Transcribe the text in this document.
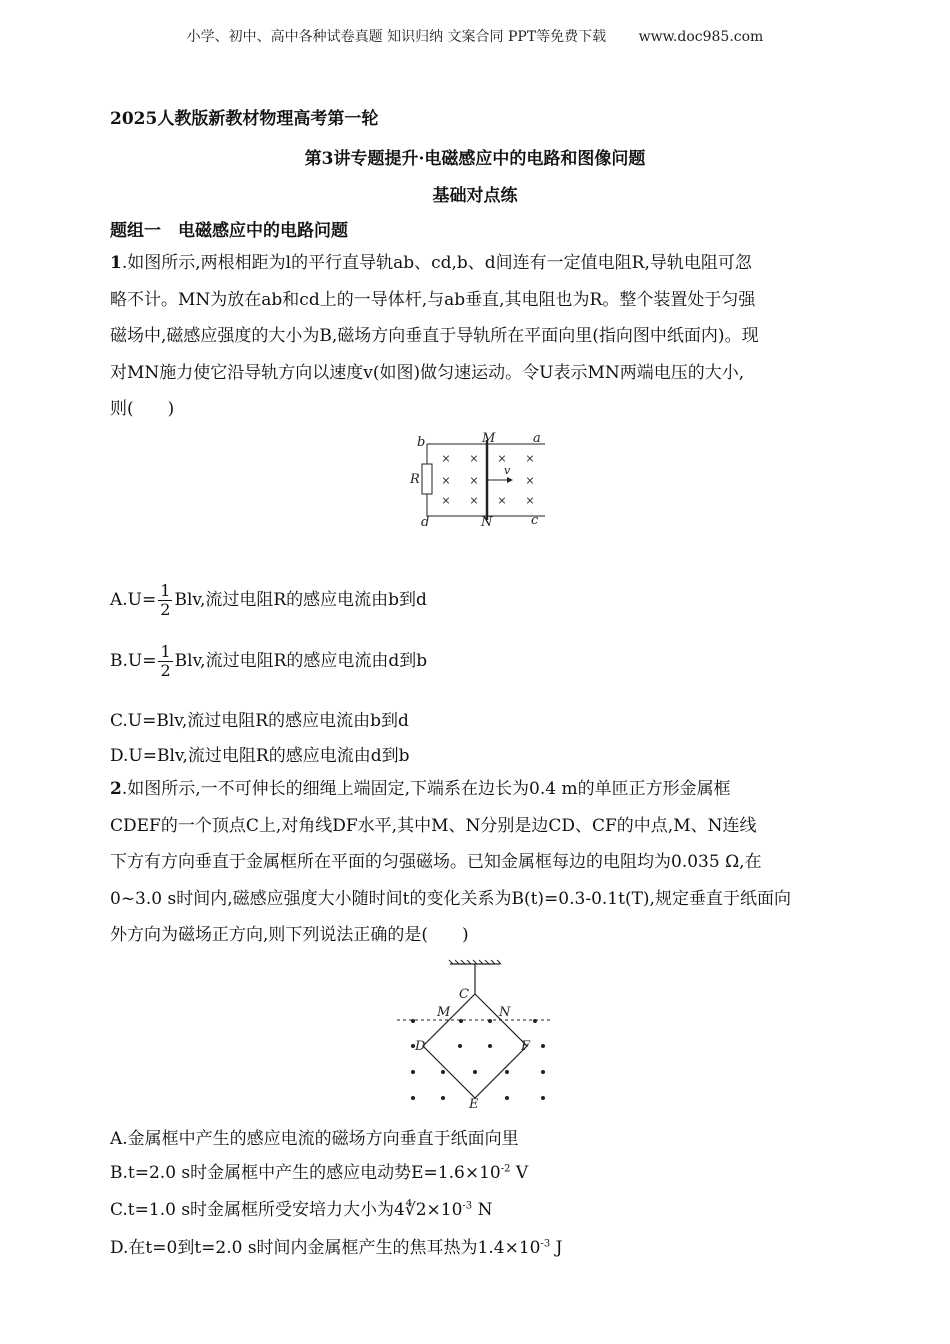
小学、初中、高中各种试卷真题 知识归纳 文案合同 PPT等免费下载 www.doc985.com
2025人教版新教材物理高考第一轮
第3讲专题提升·电磁感应中的电路和图像问题
基础对点练
题组一　电磁感应中的电路问题
1.如图所示,两根相距为l的平行直导轨ab、cd,b、d间连有一定值电阻R,导轨电阻可忽
略不计。MN为放在ab和cd上的一导体杆,与ab垂直,其电阻也为R。整个装置处于匀强
磁场中,磁感应强度的大小为B,磁场方向垂直于导轨所在平面向里(指向图中纸面内)。现
对MN施力使它沿导轨方向以速度v(如图)做匀速运动。令U表示MN两端电压的大小,
则(　　)
× × × ×
× ×	×
× × × ×
b	M	a
R
v
d	N	c
$A.U= \frac{1}{2}$ Blv,流过电阻R的感应电流由b到d
$B.U= \frac{1}{2}$ Blv,流过电阻R的感应电流由d到b
C.U=Blv,流过电阻R的感应电流由b到d
D.U=Blv,流过电阻R的感应电流由d到b
2.如图所示,一不可伸长的细绳上端固定,下端系在边长为0.4 m的单匝正方形金属框
CDEF的一个顶点C上,对角线DF水平,其中M、N分别是边CD、CF的中点,M、N连线
下方有方向垂直于金属框所在平面的匀强磁场。已知金属框每边的电阻均为0.035 Ω,在
0~3.0 s时间内,磁感应强度大小随时间t的变化关系为B(t)=0.3-0.1t(T),规定垂直于纸面向
外方向为磁场正方向,则下列说法正确的是(　　)
C
M	N
D	F
E
A.金属框中产生的感应电流的磁场方向垂直于纸面向里
B.t=2.0 s时金属框中产生的感应电动势$E=1.6\times 10^{-2}$ V
C.t=1.0 s时金属框所受安培力大小为$4∜2\times 10^{-3}$ N
D.在t=0到t=2.0 s时间内金属框产生的焦耳热为$1.4\times 10^{-3}$ J
